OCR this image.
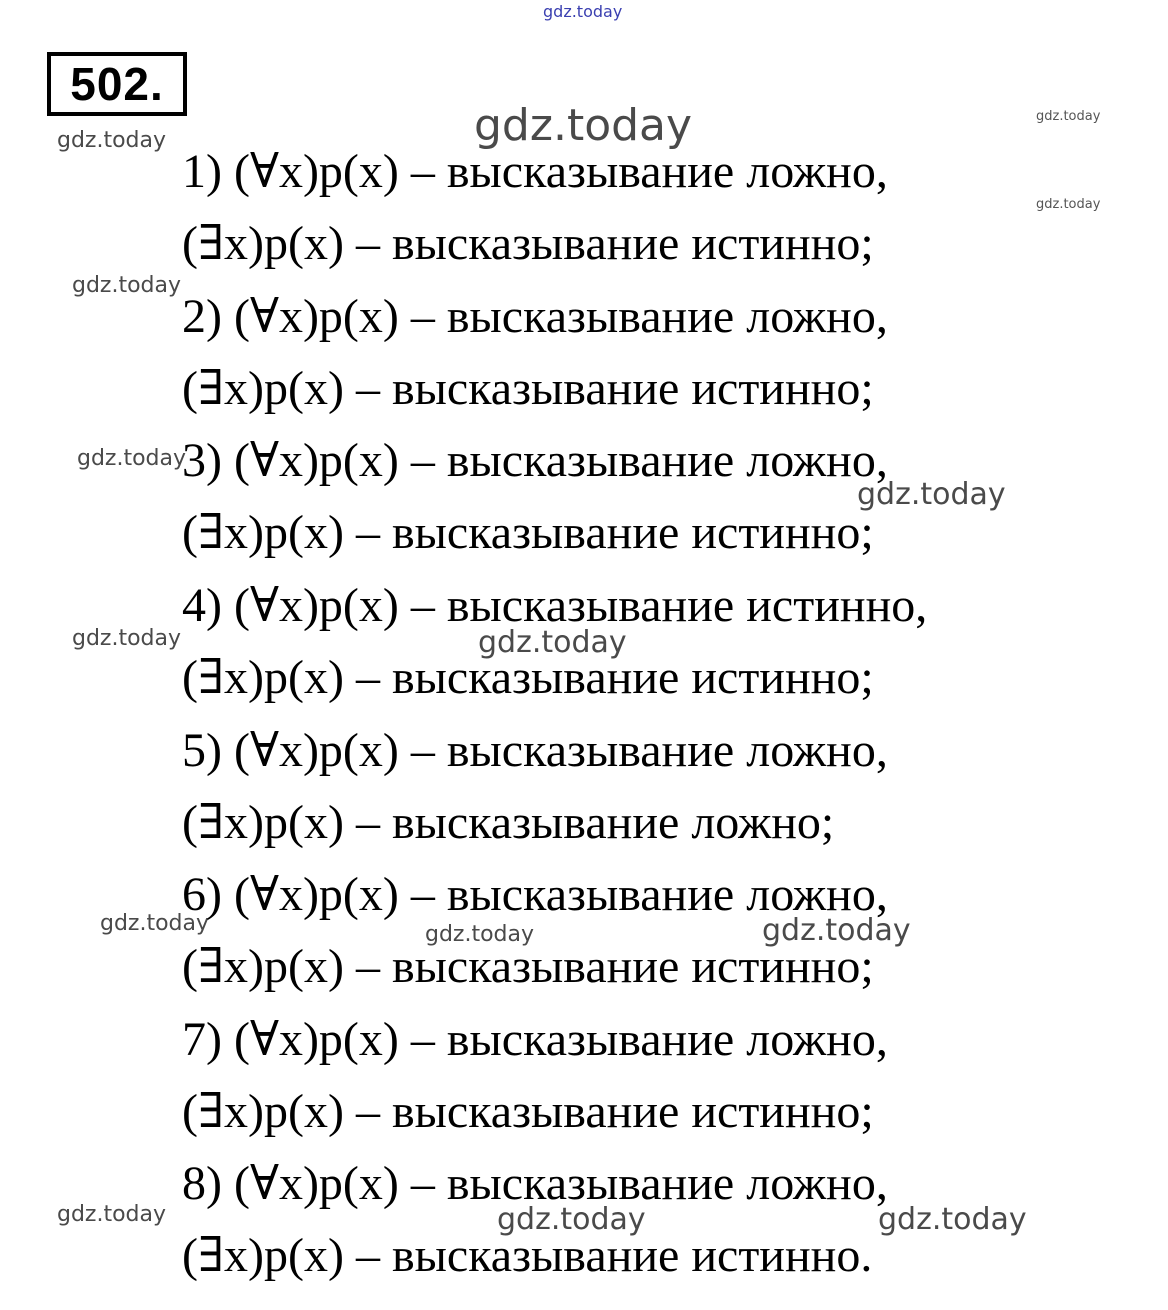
gdz.today
gdz.today	gdz.today
gdz.today
gdz.today
gdz.today
gdz.today
gdz.today
gdz.today	gdz.today
gdz.today	gdz.today	gdz.today
gdz.today	gdz.today	gdz.today
502.
1) (∀x)p(x) – высказывание ложно,
(∃x)p(x) – высказывание истинно;
2) (∀x)p(x) – высказывание ложно,
(∃x)p(x) – высказывание истинно;
3) (∀x)p(x) – высказывание ложно,
(∃x)p(x) – высказывание истинно;
4) (∀x)p(x) – высказывание истинно,
(∃x)p(x) – высказывание истинно;
5) (∀x)p(x) – высказывание ложно,
(∃x)p(x) – высказывание ложно;
6) (∀x)p(x) – высказывание ложно,
(∃x)p(x) – высказывание истинно;
7) (∀x)p(x) – высказывание ложно,
(∃x)p(x) – высказывание истинно;
8) (∀x)p(x) – высказывание ложно,
(∃x)p(x) – высказывание истинно.
